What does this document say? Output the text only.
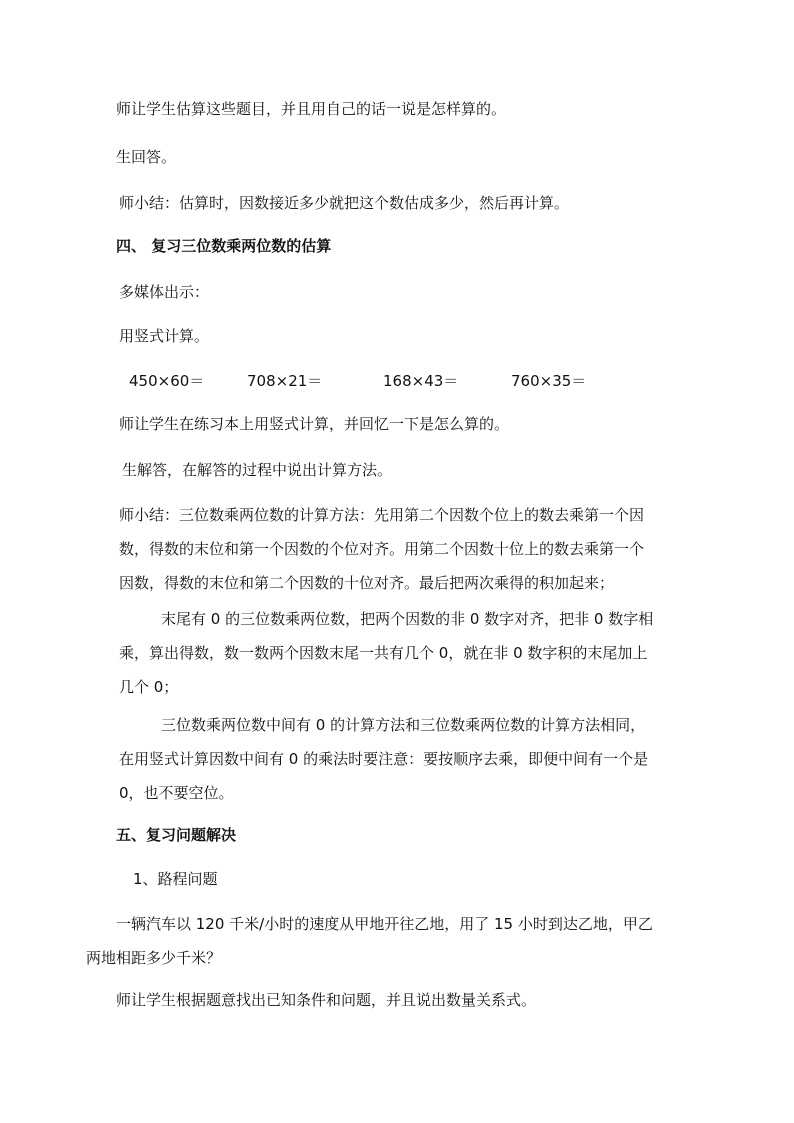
师让学生估算这些题目，并且用自己的话一说是怎样算的。
生回答。
师小结：估算时，因数接近多少就把这个数估成多少，然后再计算。
四、 复习三位数乘两位数的估算
多媒体出示：
用竖式计算。
450×60＝	708×21＝	168×43＝	760×35＝
师让学生在练习本上用竖式计算，并回忆一下是怎么算的。
生解答，在解答的过程中说出计算方法。
师小结：三位数乘两位数的计算方法：先用第二个因数个位上的数去乘第一个因
数，得数的末位和第一个因数的个位对齐。用第二个因数十位上的数去乘第一个
因数，得数的末位和第二个因数的十位对齐。最后把两次乘得的积加起来；
末尾有 0 的三位数乘两位数，把两个因数的非 0 数字对齐，把非 0 数字相
乘，算出得数，数一数两个因数末尾一共有几个 0，就在非 0 数字积的末尾加上
几个 0；
三位数乘两位数中间有 0 的计算方法和三位数乘两位数的计算方法相同，
在用竖式计算因数中间有 0 的乘法时要注意：要按顺序去乘，即便中间有一个是
0，也不要空位。
五、复习问题解决
1、路程问题
一辆汽车以 120 千米/小时的速度从甲地开往乙地，用了 15 小时到达乙地，甲乙
两地相距多少千米？
师让学生根据题意找出已知条件和问题，并且说出数量关系式。
